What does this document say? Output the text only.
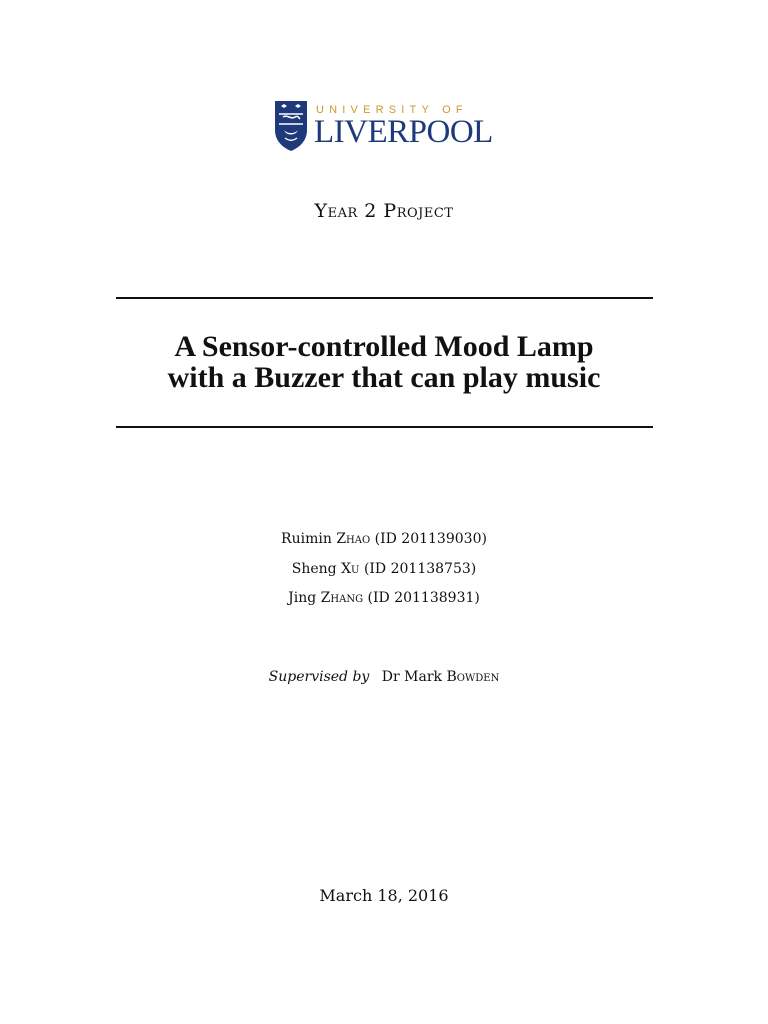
UNIVERSITY OF
LIVERPOOL
Year 2 Project
A Sensor-controlled Mood Lamp
with a Buzzer that can play music
Ruimin Zhao (ID 201139030)
Sheng Xu (ID 201138753)
Jing Zhang (ID 201138931)
Supervised by Dr Mark Bowden
March 18, 2016
